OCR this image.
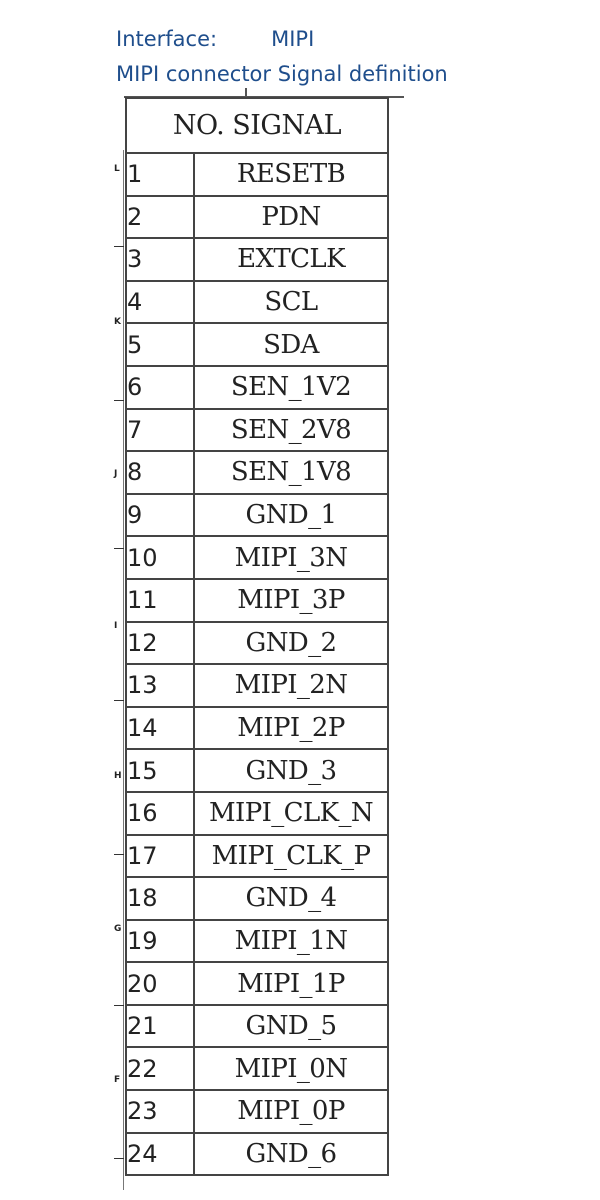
Interface:	MIPI
MIPI connector Signal definition
L
K
J
I
H
G
F
NO. SIGNAL	
1	RESETB
2	PDN
3	EXTCLK
4	SCL
5	SDA
6	SEN_1V2
7	SEN_2V8
8	SEN_1V8
9	GND_1
10	MIPI_3N
11	MIPI_3P
12	GND_2
13	MIPI_2N
14	MIPI_2P
15	GND_3
16	MIPI_CLK_N
17	MIPI_CLK_P
18	GND_4
19	MIPI_1N
20	MIPI_1P
21	GND_5
22	MIPI_0N
23	MIPI_0P
24	GND_6
